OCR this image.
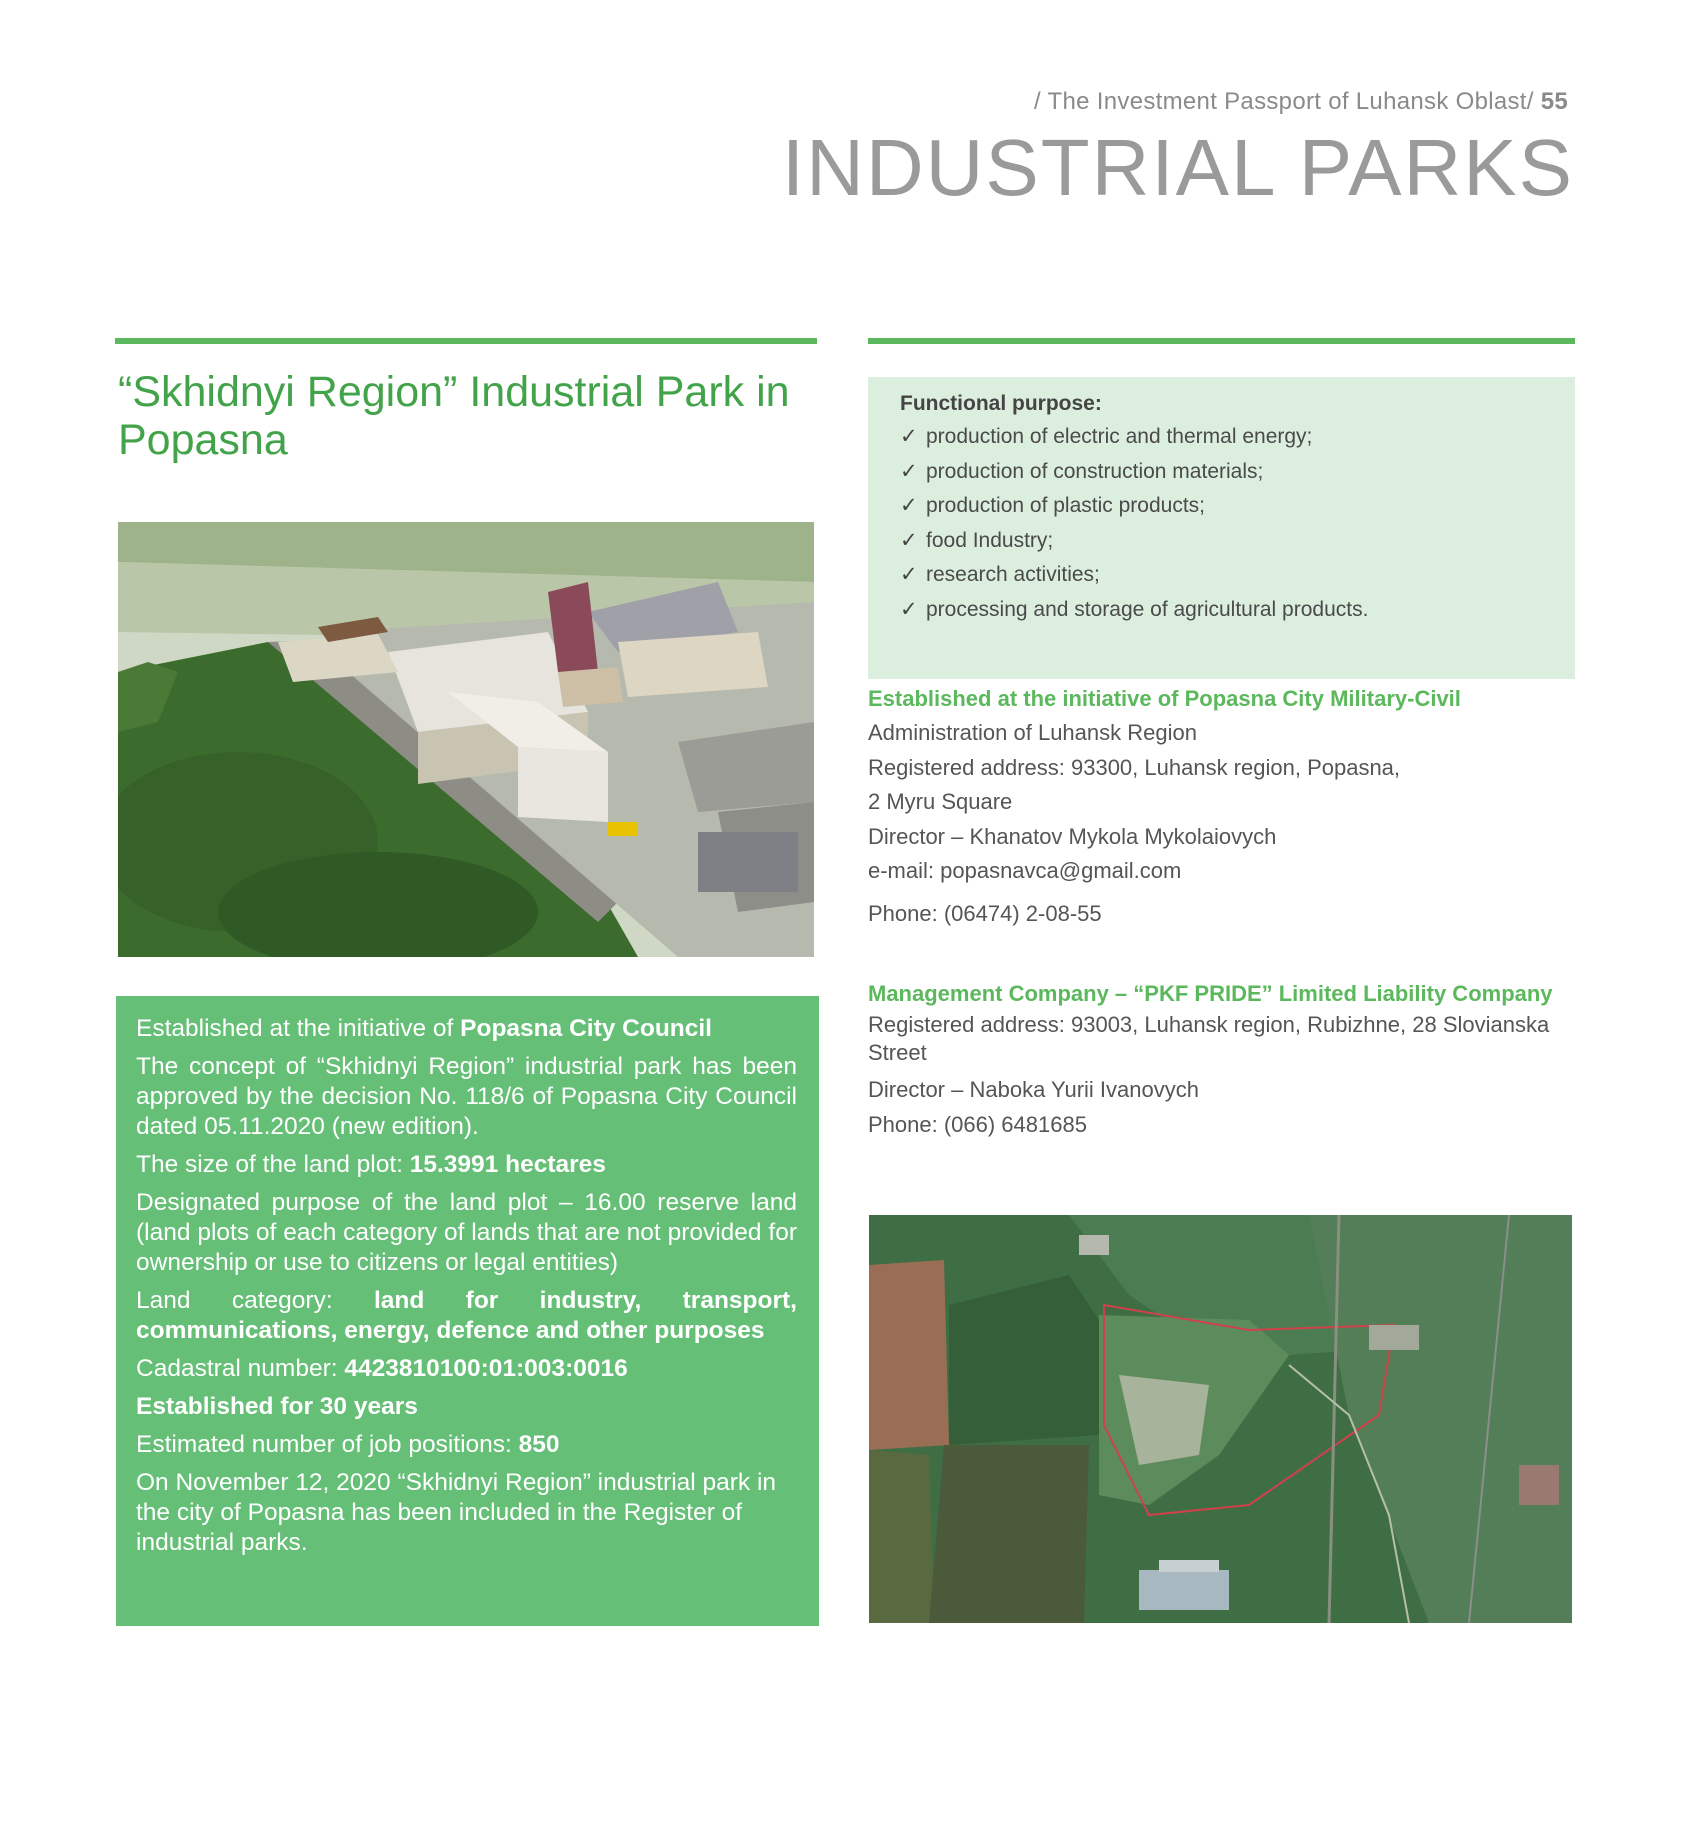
/ The Investment Passport of Luhansk Oblast/ 55
INDUSTRIAL PARKS
“Skhidnyi Region” Industrial Park in Popasna

Established at the initiative of Popasna City Council

The concept of “Skhidnyi Region” industrial park has been approved by the decision No. 118/6 of Popasna City Council dated 05.11.2020 (new edition).

The size of the land plot: 15.3991 hectares

Designated purpose of the land plot – 16.00 reserve land (land plots of each category of lands that are not provided for ownership or use to citizens or legal entities)

Land category: land for industry, transport, communications, energy, defence and other purposes

Cadastral number: 4423810100:01:003:0016

Established for 30 years

Estimated number of job positions: 850

On November 12, 2020 “Skhidnyi Region” industrial park in the city of Popasna has been included in the Register of industrial parks.

Functional purpose:

✓ production of electric and thermal energy;
✓ production of construction materials;
✓ production of plastic products;
✓ food Industry;
✓ research activities;
✓ processing and storage of agricultural products.

Established at the initiative of Popasna City Military-Civil

Administration of Luhansk Region

Registered address: 93300, Luhansk region, Popasna,

2 Myru Square

Director – Khanatov Mykola Mykolaiovych

e-mail: popasnavca@gmail.com

Phone: (06474) 2-08-55

Management Company – “PKF PRIDE” Limited Liability Company

Registered address: 93003, Luhansk region, Rubizhne, 28 Slovianska Street

Director – Naboka Yurii Ivanovych

Phone: (066) 6481685
